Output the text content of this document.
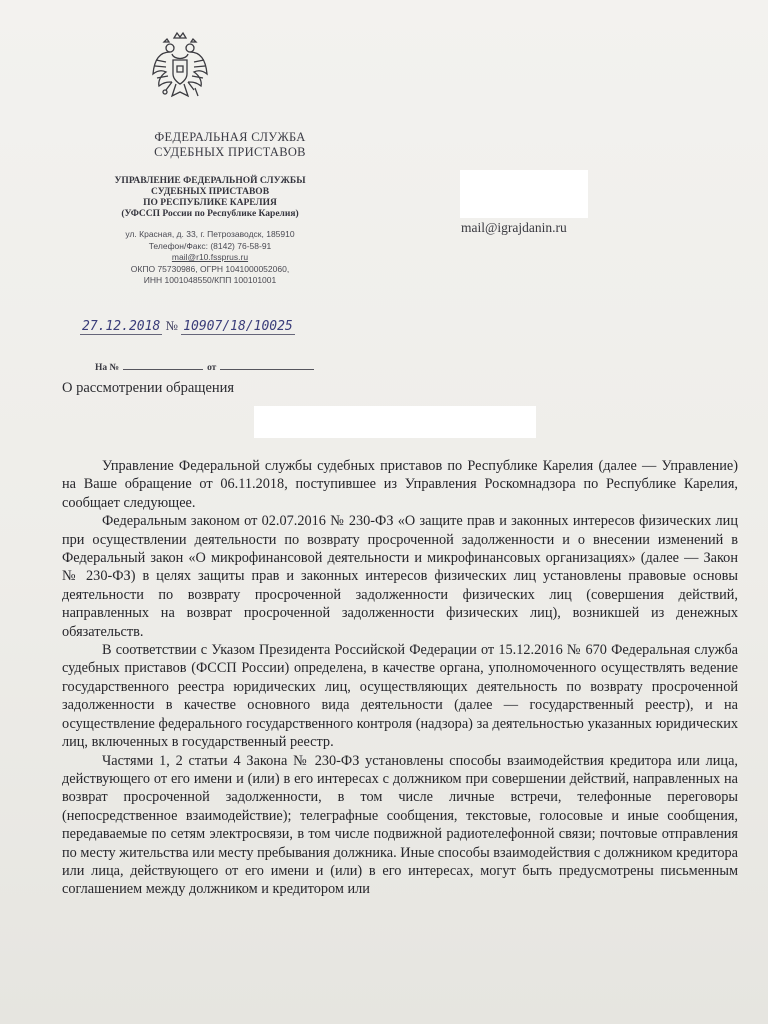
ФЕДЕРАЛЬНАЯ СЛУЖБА
СУДЕБНЫХ ПРИСТАВОВ
УПРАВЛЕНИЕ ФЕДЕРАЛЬНОЙ СЛУЖБЫ
СУДЕБНЫХ ПРИСТАВОВ
ПО РЕСПУБЛИКЕ КАРЕЛИЯ
(УФССП России по Республике Карелия)
ул. Красная, д. 33, г. Петрозаводск, 185910
Телефон/Факс: (8142) 76-58-91
mail@r10.fssprus.ru
ОКПО 75730986, ОГРН 1041000052060,
ИНН 1001048550/КПП 100101001
27.12.2018 № 10907/18/10025
На №	от
О рассмотрении обращения
mail@igrajdanin.ru

Управление Федеральной службы судебных приставов по Республике Карелия (далее — Управление) на Ваше обращение от 06.11.2018, поступившее из Управления Роскомнадзора по Республике Карелия, сообщает следующее.

Федеральным законом от 02.07.2016 № 230-ФЗ «О защите прав и законных интересов физических лиц при осуществлении деятельности по возврату просроченной задолженности и о внесении изменений в Федеральный закон «О микрофинансовой деятельности и микрофинансовых организациях» (далее — Закон № 230-ФЗ) в целях защиты прав и законных интересов физических лиц установлены правовые основы деятельности по возврату просроченной задолженности физических лиц (совершения действий, направленных на возврат просроченной задолженности физических лиц), возникшей из денежных обязательств.

В соответствии с Указом Президента Российской Федерации от 15.12.2016 № 670 Федеральная служба судебных приставов (ФССП России) определена, в качестве органа, уполномоченного осуществлять ведение государственного реестра юридических лиц, осуществляющих деятельность по возврату просроченной задолженности в качестве основного вида деятельности (далее — государственный реестр), и на осуществление федерального государственного контроля (надзора) за деятельностью указанных юридических лиц, включенных в государственный реестр.

Частями 1, 2 статьи 4 Закона № 230-ФЗ установлены способы взаимодействия кредитора или лица, действующего от его имени и (или) в его интересах с должником при совершении действий, направленных на возврат просроченной задолженности, в том числе личные встречи, телефонные переговоры (непосредственное взаимодействие); телеграфные сообщения, текстовые, голосовые и иные сообщения, передаваемые по сетям электросвязи, в том числе подвижной радиотелефонной связи; почтовые отправления по месту жительства или месту пребывания должника. Иные способы взаимодействия с должником кредитора или лица, действующего от его имени и (или) в его интересах, могут быть предусмотрены письменным соглашением между должником и кредитором или
